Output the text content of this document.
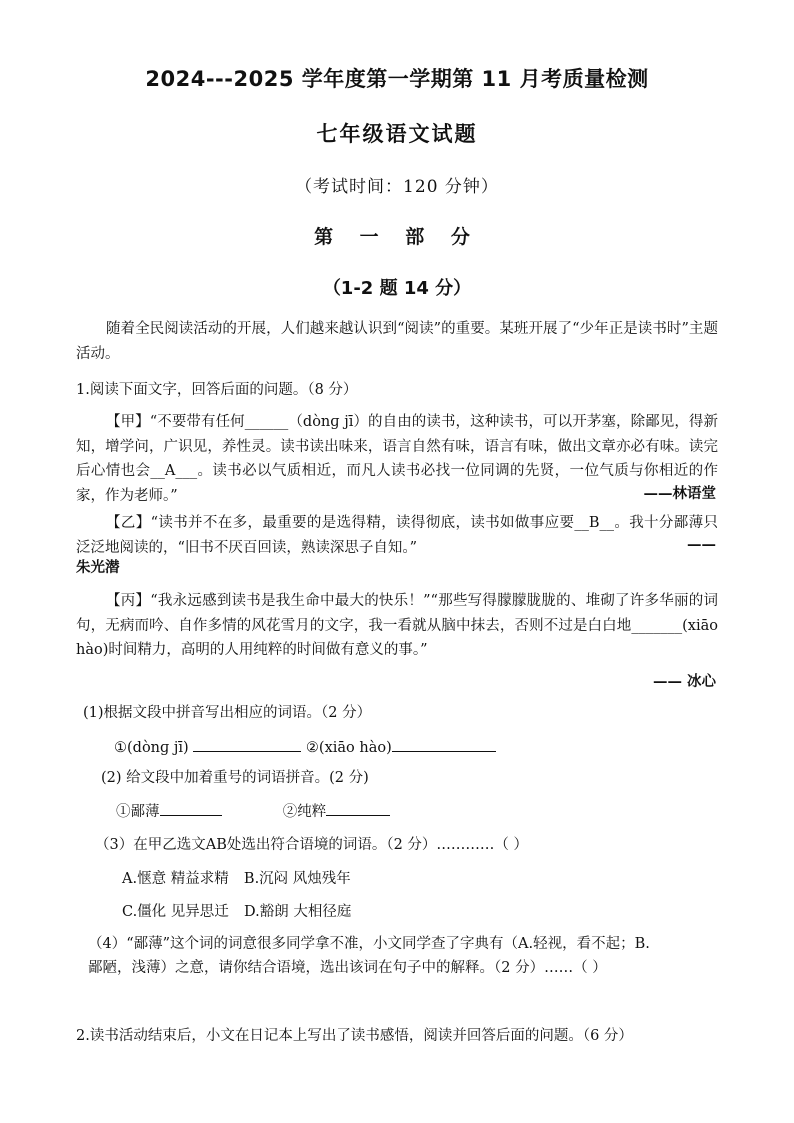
2024---2025 学年度第一学期第 11 月考质量检测
七年级语文试题
（考试时间：120 分钟）
第 一 部 分
（1-2 题 14 分）
随着全民阅读活动的开展，人们越来越认识到“阅读”的重要。某班开展了“少年正是读书时”主题活动。
1.阅读下面文字，回答后面的问题。（8 分）
【甲】“不要带有任何______（dònɡ jī）的自由的读书，这种读书，可以开茅塞，除鄙见，得新知，增学问，广识见，养性灵。读书读出味来，语言自然有味，语言有味，做出文章亦必有味。读完后心情也会__A___。读书必以气质相近，而凡人读书必找一位同调的先贤，一位气质与你相近的作家，作为老师。”	——林语堂
【乙】“读书并不在多，最重要的是选得精，读得彻底，读书如做事应要__B__。我十分鄙薄只泛泛地阅读的，“旧书不厌百回读，熟读深思子自知。”	——
朱光潜
【丙】“我永远感到读书是我生命中最大的快乐！”“那些写得朦朦胧胧的、堆砌了许多华丽的词句，无病而吟、自作多情的风花雪月的文字，我一看就从脑中抹去，否则不过是白白地_______(xiāo hào)时间精力，高明的人用纯粹的时间做有意义的事。”
—— 冰心
(1)根据文段中拼音写出相应的词语。（2 分）
①(dònɡ jī)	②(xiāo hào)
(2) 给文段中加着重号的词语拼音。(2 分)
①鄙薄	②纯粹
（3）在甲乙选文AB处选出符合语境的词语。（2 分）…………（ ）
A.惬意 精益求精 B.沉闷 风烛残年
C.僵化 见异思迁 D.豁朗 大相径庭
（4）“鄙薄”这个词的词意很多同学拿不准，小文同学查了字典有（A.轻视，看不起；B.
鄙陋，浅薄）之意，请你结合语境，选出该词在句子中的解释。（2 分）……（ ）
2.读书活动结束后，小文在日记本上写出了读书感悟，阅读并回答后面的问题。（6 分）
